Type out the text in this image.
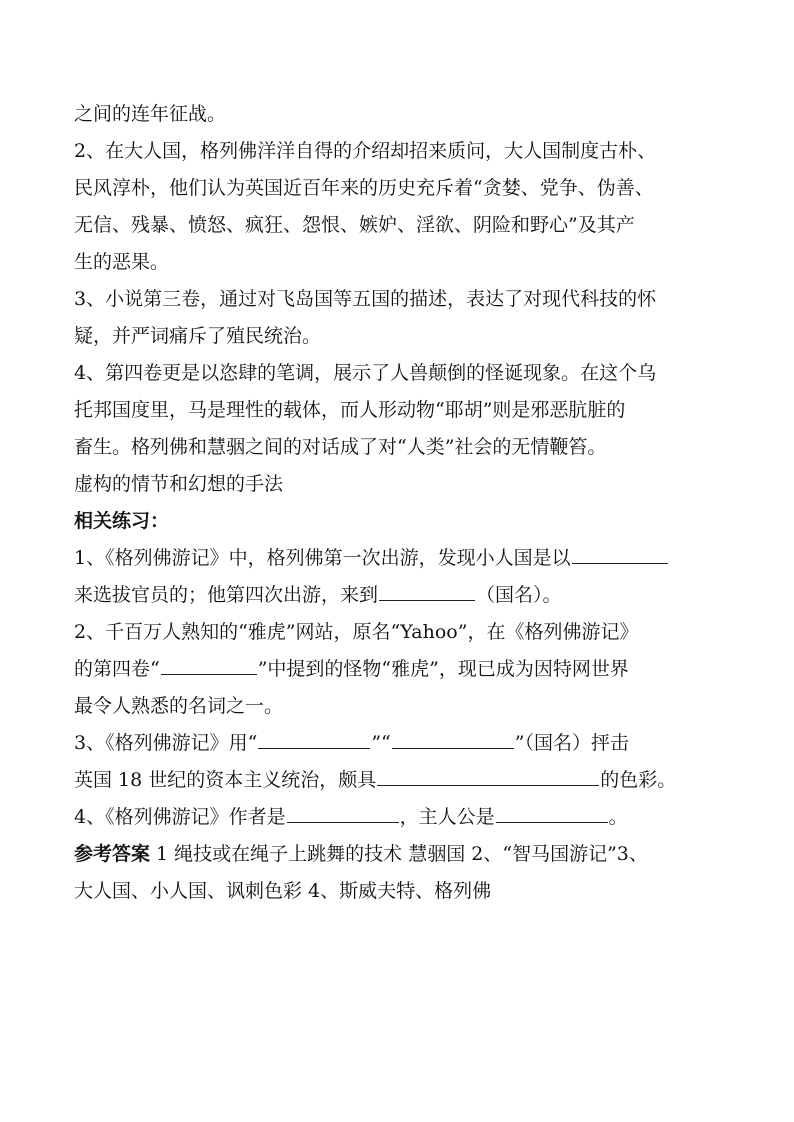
之间的连年征战。
2、在大人国，格列佛洋洋自得的介绍却招来质问，大人国制度古朴、
民风淳朴，他们认为英国近百年来的历史充斥着“贪婪、党争、伪善、
无信、残暴、愤怒、疯狂、怨恨、嫉妒、淫欲、阴险和野心”及其产
生的恶果。
3、小说第三卷，通过对飞岛国等五国的描述，表达了对现代科技的怀
疑，并严词痛斥了殖民统治。
4、第四卷更是以恣肆的笔调，展示了人兽颠倒的怪诞现象。在这个乌
托邦国度里，马是理性的载体，而人形动物“耶胡”则是邪恶肮脏的
畜生。格列佛和慧骃之间的对话成了对“人类”社会的无情鞭笞。
虚构的情节和幻想的手法
相关练习：
1、《格列佛游记》中，格列佛第一次出游，发现小人国是以
来选拔官员的；他第四次出游，来到	（国名）。
2、千百万人熟知的“雅虎”网站，原名“Yahoo”，在《格列佛游记》
的第四卷“	”中提到的怪物“雅虎”，现已成为因特网世界
最令人熟悉的名词之一。
3、《格列佛游记》用“	”“	”（国名）抨击
英国 18 世纪的资本主义统治，颇具	的色彩。
4、《格列佛游记》作者是	，主人公是	。
参考答案 1 绳技或在绳子上跳舞的技术 慧骃国 2、“智马国游记”3、
大人国、小人国、讽刺色彩 4、斯威夫特、格列佛
